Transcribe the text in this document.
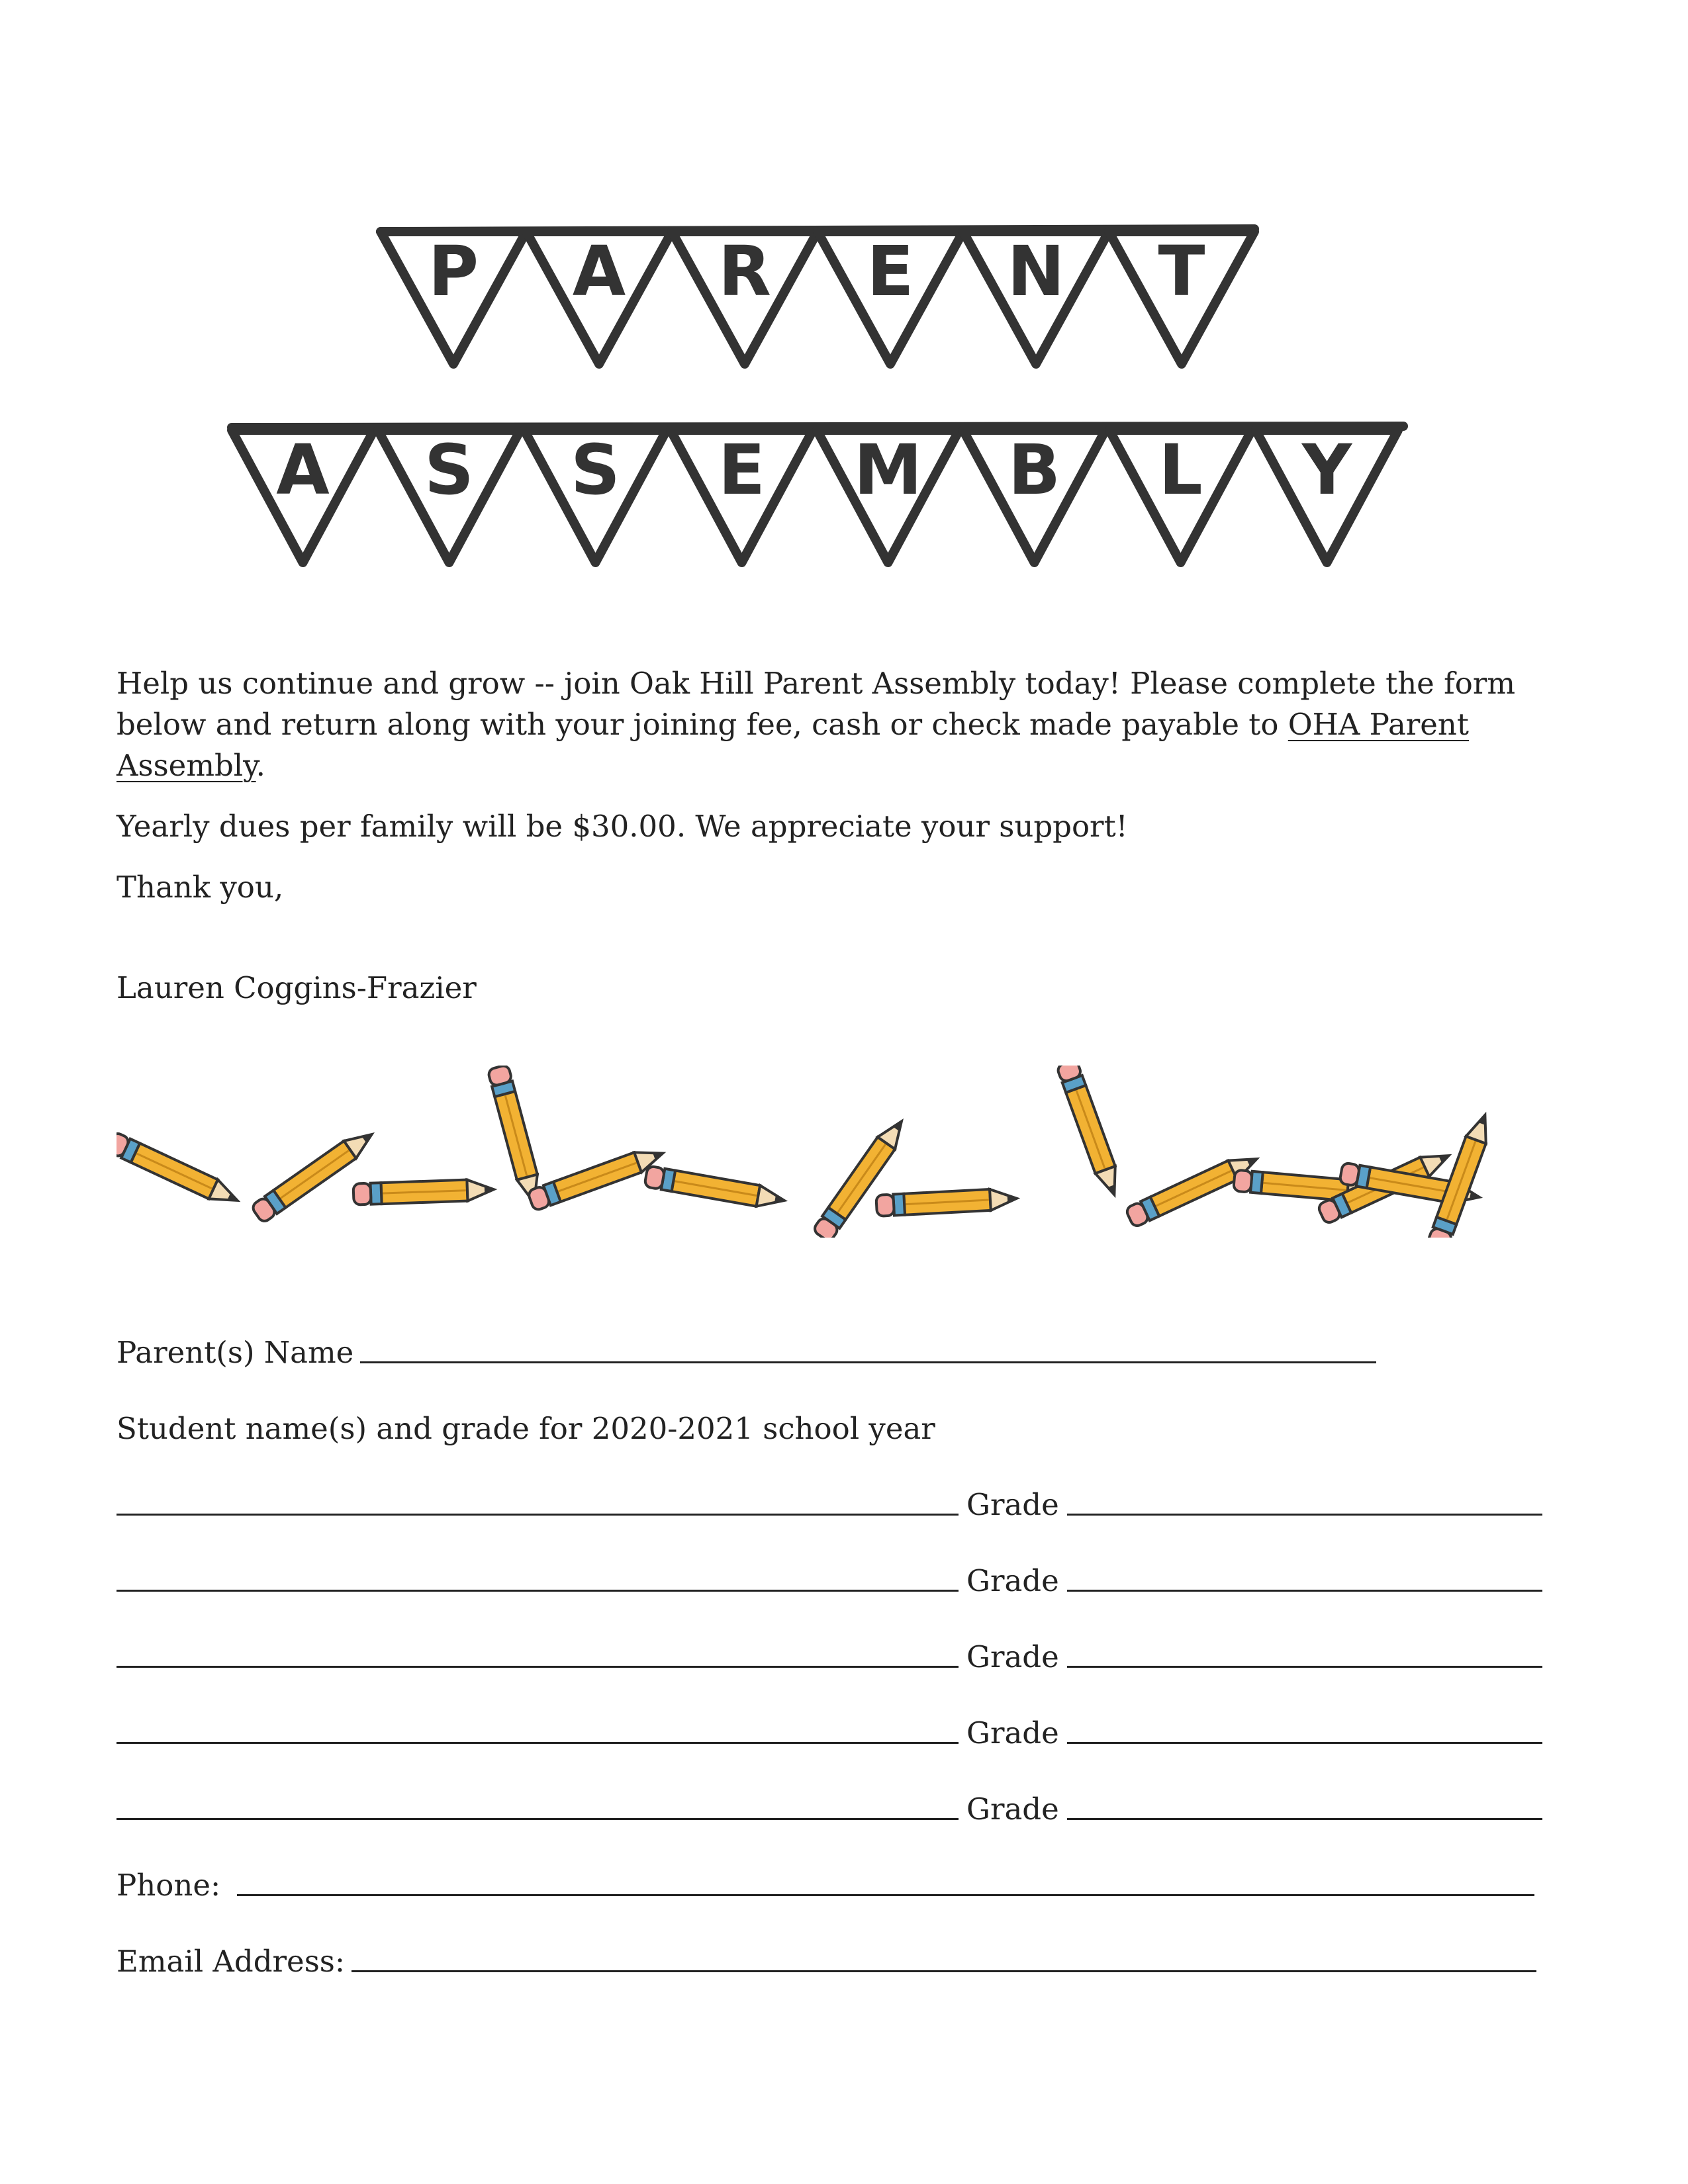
P A R E N T
A S S E M B L Y

Help us continue and grow -- join Oak Hill Parent Assembly today! Please complete the form below and return along with your joining fee, cash or check made payable to OHA Parent Assembly.

Yearly dues per family will be $30.00. We appreciate your support!

Thank you,

Lauren Coggins-Frazier

Parent(s) Name
Student name(s) and grade for 2020-2021 school year
Grade
Grade
Grade
Grade
Grade
Phone:
Email Address:
